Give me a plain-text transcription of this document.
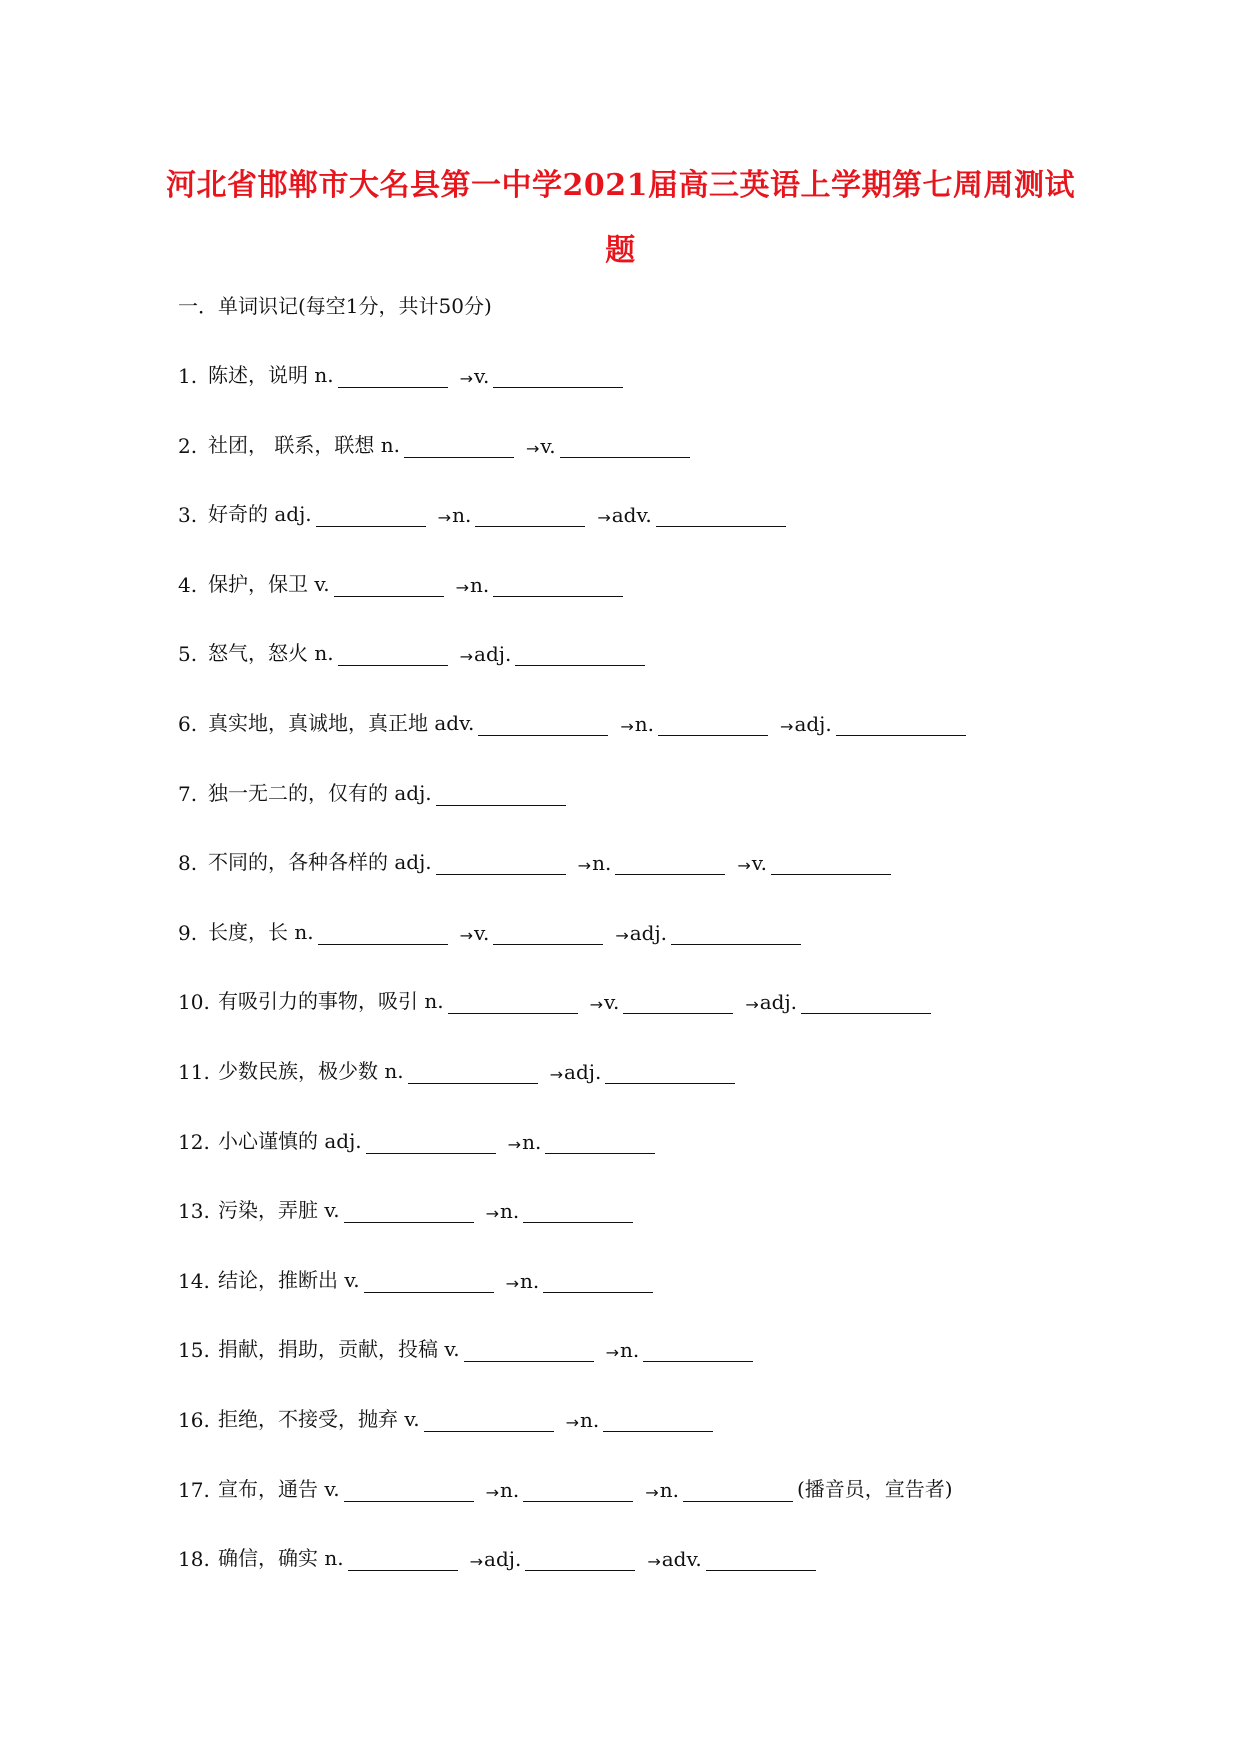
河北省邯郸市大名县第一中学2021届高三英语上学期第七周周测试
题
一．单词识记(每空1分，共计50分)
1. 陈述，说明 n.	→ v.
2. 社团， 联系，联想 n.	→ v.
3. 好奇的 adj.	→ n.	→ adv.
4. 保护，保卫 v.	→ n.
5. 怒气，怒火 n.	→ adj.
6. 真实地，真诚地，真正地 adv.	→ n.	→ adj.
7. 独一无二的，仅有的 adj.
8. 不同的，各种各样的 adj.	→ n.	→ v.
9. 长度，长 n.	→ v.	→ adj.
10. 有吸引力的事物，吸引 n.	→ v.	→ adj.
11. 少数民族，极少数 n.	→ adj.
12. 小心谨慎的 adj.	→ n.
13. 污染，弄脏 v.	→ n.
14. 结论，推断出 v.	→ n.
15. 捐献，捐助，贡献，投稿 v.	→ n.
16. 拒绝，不接受，抛弃 v.	→ n.
17. 宣布，通告 v.	→ n.	→ n.	(播音员，宣告者)
18. 确信，确实 n.	→ adj.	→ adv.
